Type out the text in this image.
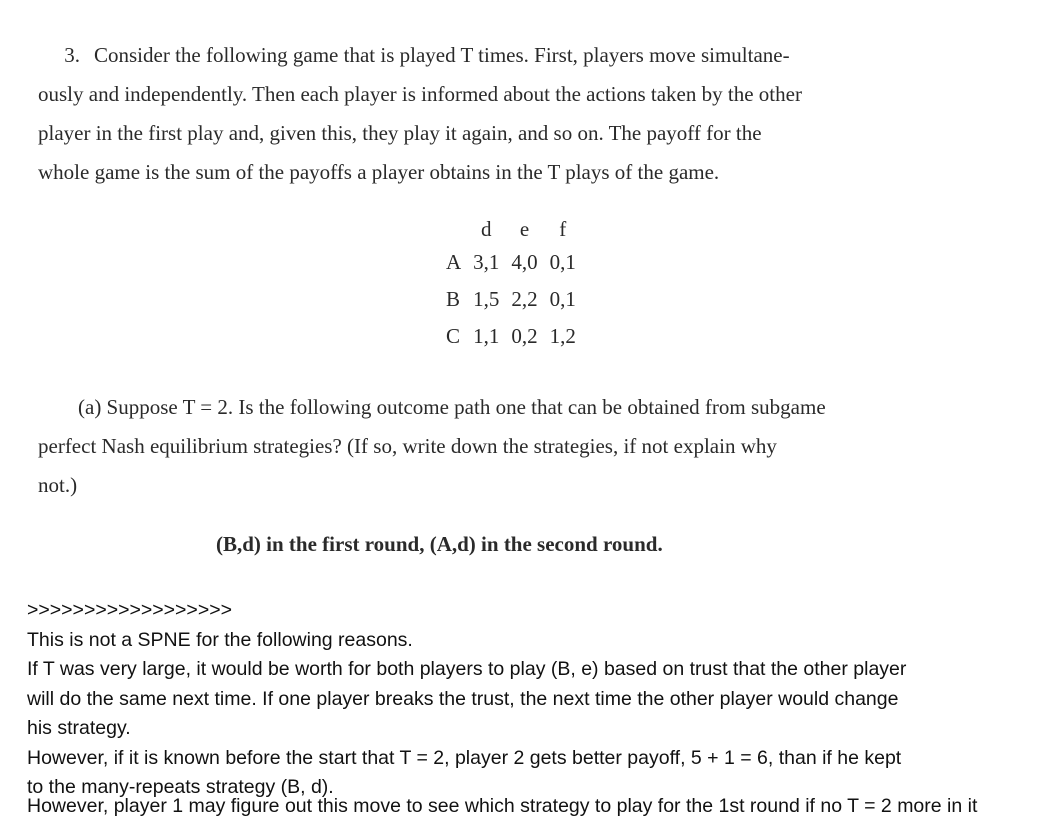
3. Consider the following game that is played T times. First, players move simultane-
ously and independently. Then each player is informed about the actions taken by the other
player in the first play and, given this, they play it again, and so on. The payoff for the
whole game is the sum of the payoffs a player obtains in the T plays of the game.
	d	e	f
A	3,1	4,0	0,1
B	1,5	2,2	0,1
C	1,1	0,2	1,2
(a) Suppose T = 2. Is the following outcome path one that can be obtained from subgame
perfect Nash equilibrium strategies? (If so, write down the strategies, if not explain why
not.)
(B,d) in the first round, (A,d) in the second round.
>>>>>>>>>>>>>>>>>>
This is not a SPNE for the following reasons.
If T was very large, it would be worth for both players to play (B, e) based on trust that the other player
will do the same next time. If one player breaks the trust, the next time the other player would change
his strategy.
However, if it is known before the start that T = 2, player 2 gets better payoff, 5 + 1 = 6, than if he kept
to the many-repeats strategy (B, d).
However, player 1 may figure out this move to see which strategy to play for the 1st round if no T = 2 more in it
